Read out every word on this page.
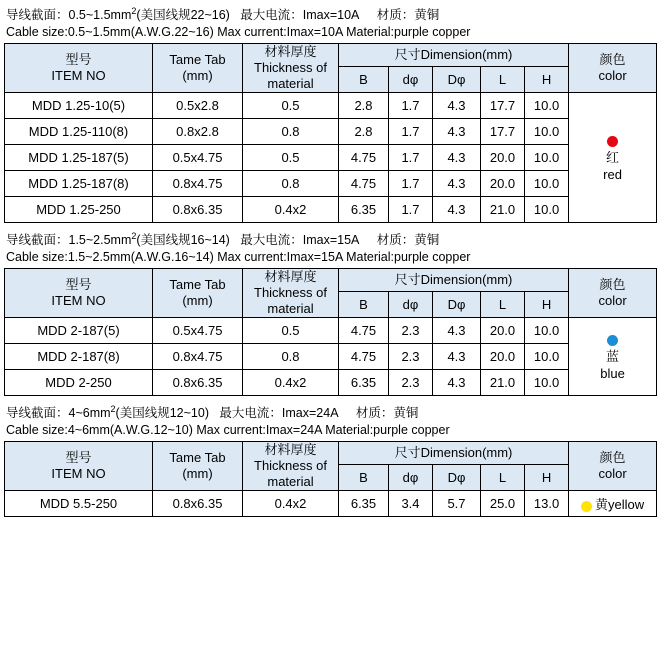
导线截面：$0.5\sim 1.5mm^2$(美国线规22~16) 最大电流：Imax=10A 材质：黄铜
Cable size:0.5~1.5mm(A.W.G.22~16) Max current:Imax=10A Material:purple copper
型号
ITEM NO

Tame Tab
(mm)

材料厚度
Thickness of
material
	尺寸Dimension(mm)	颜色
color

			B	dφ	Dφ	L	H	
MDD 1.25-10(5)	0.5x2.8	0.5	2.8	1.7	4.3	17.7	10.0	红
red

MDD 1.25-110(8)	0.8x2.8	0.8	2.8	1.7	4.3	17.7	10.0	
MDD 1.25-187(5)	0.5x4.75	0.5	4.75	1.7	4.3	20.0	10.0	
MDD 1.25-187(8)	0.8x4.75	0.8	4.75	1.7	4.3	20.0	10.0	
MDD 1.25-250	0.8x6.35	0.4x2	6.35	1.7	4.3	21.0	10.0	
导线截面：$1.5\sim 2.5mm^2$(美国线规16~14) 最大电流：Imax=15A 材质：黄铜
Cable size:1.5~2.5mm(A.W.G.16~14) Max current:Imax=15A Material:purple copper
型号
ITEM NO

Tame Tab
(mm)

材料厚度
Thickness of
material
	尺寸Dimension(mm)	颜色
color

			B	dφ	Dφ	L	H	
MDD 2-187(5)	0.5x4.75	0.5	4.75	2.3	4.3	20.0	10.0	蓝
blue

MDD 2-187(8)	0.8x4.75	0.8	4.75	2.3	4.3	20.0	10.0	
MDD 2-250	0.8x6.35	0.4x2	6.35	2.3	4.3	21.0	10.0	
导线截面：$4\sim 6mm^2$(美国线规12~10) 最大电流：Imax=24A 材质：黄铜
Cable size:4~6mm(A.W.G.12~10) Max current:Imax=24A Material:purple copper
型号
ITEM NO

Tame Tab
(mm)

材料厚度
Thickness of
material
	尺寸Dimension(mm)	颜色
color

			B	dφ	Dφ	L	H	
MDD 5.5-250	0.8x6.35	0.4x2	6.35	3.4	5.7	25.0	13.0	黄yellow
